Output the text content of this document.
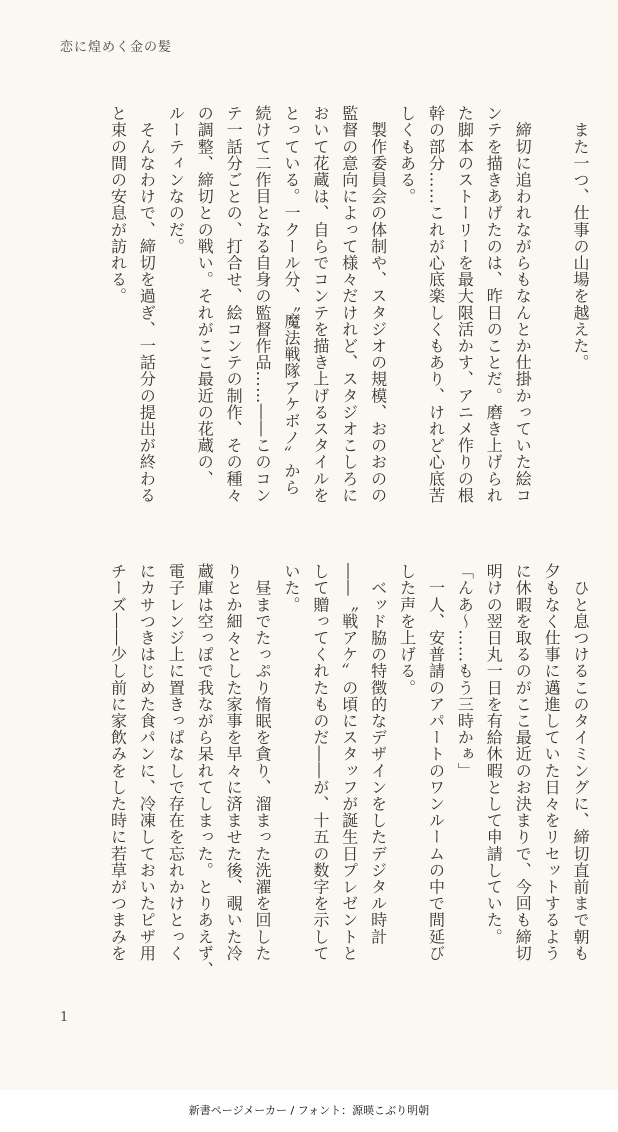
恋に煌めく金の髪
　また一つ、仕事の山場を越えた。

　締切に追われながらもなんとか仕掛かっていた絵コ
ンテを描きあげたのは、昨日のことだ。磨き上げられ
た脚本のストーリーを最大限活かす、アニメ作りの根
幹の部分……これが心底楽しくもあり、けれど心底苦
しくもある。
　製作委員会の体制や、スタジオの規模、おのおのの
監督の意向によって様々だけれど、スタジオこしろに
おいて花蔵は、自らでコンテを描き上げるスタイルを
とっている。一クール分、〝魔法戦隊アケボノ〟から
続けて二作目となる自身の監督作品……――このコン
テ一話分ごとの、打合せ、絵コンテの制作、その種々
の調整、締切との戦い。それがここ最近の花蔵の、
ルーティンなのだ。
　そんなわけで、締切を過ぎ、一話分の提出が終わる
と束の間の安息が訪れる。
　ひと息つけるこのタイミングに、締切直前まで朝も
夕もなく仕事に邁進していた日々をリセットするよう
に休暇を取るのがここ最近のお決まりで、今回も締切
明けの翌日丸一日を有給休暇として申請していた。
「んあ〜……もう三時かぁ」
　一人、安普請のアパートのワンルームの中で間延び
した声を上げる。
　ベッド脇の特徴的なデザインをしたデジタル時計
――〝戦アケ〟の頃にスタッフが誕生日プレゼントと
して贈ってくれたものだ――が、十五の数字を示して
いた。
　昼までたっぷり惰眠を貪り、溜まった洗濯を回した
りとか細々とした家事を早々に済ませた後、覗いた冷
蔵庫は空っぽで我ながら呆れてしまった。とりあえず、
電子レンジ上に置きっぱなしで存在を忘れかけとっく
にカサつきはじめた食パンに、冷凍しておいたピザ用
チーズ――少し前に家飲みをした時に若草がつまみを
1
新書ページメーカー / フォント：源暎こぶり明朝
